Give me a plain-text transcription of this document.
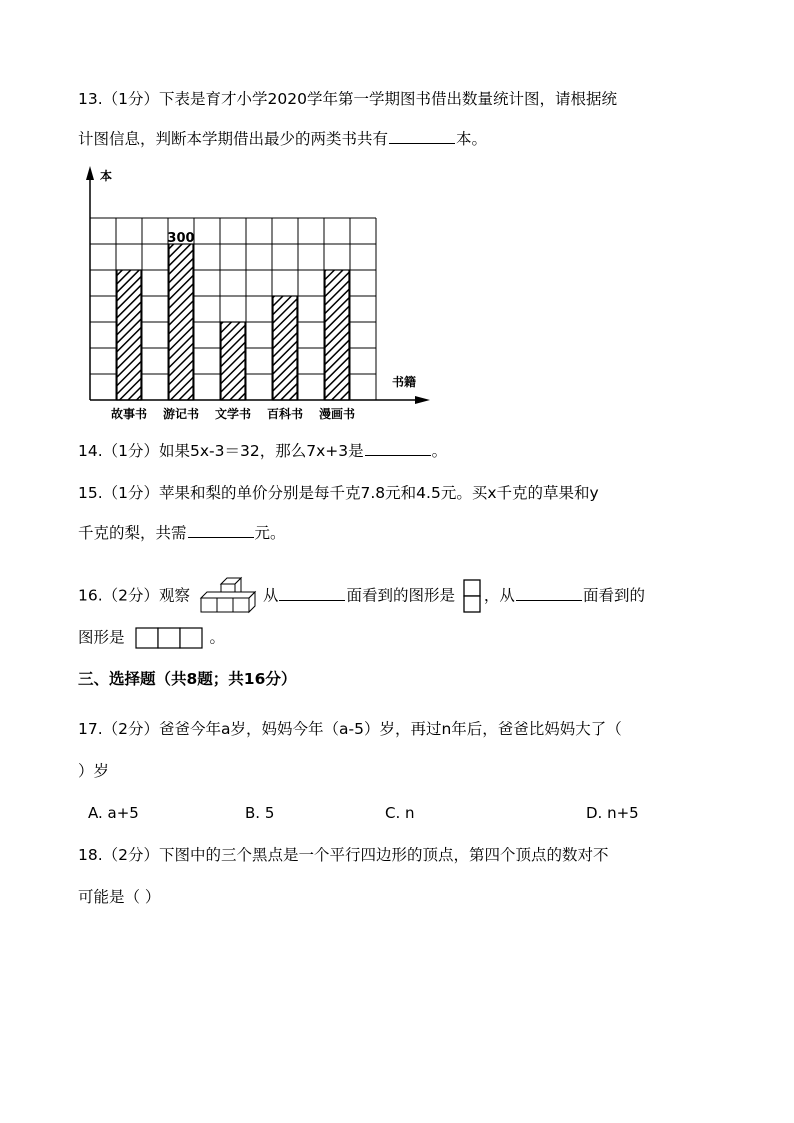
13.（1分）下表是育才小学2020学年第一学期图书借出数量统计图，请根据统
计图信息，判断本学期借出最少的两类书共有	本。
本
书籍
故事书 游记书
300
文学书 百科书 漫画书
14.（1分）如果5x-3＝32，那么7x+3是	。
15.（1分）苹果和梨的单价分别是每千克7.8元和4.5元。买x千克的草果和y
千克的梨，共需	元。
16.（2分）观察	从	面看到的图形是 ，从	面看到的
图形是	。
三、选择题（共8题；共16分）
17.（2分）爸爸今年a岁，妈妈今年（a-5）岁，再过n年后，爸爸比妈妈大了（
）岁
A. a+5	B. 5	C. n	D. n+5
18.（2分）下图中的三个黑点是一个平行四边形的顶点，第四个顶点的数对不
可能是（ ）
